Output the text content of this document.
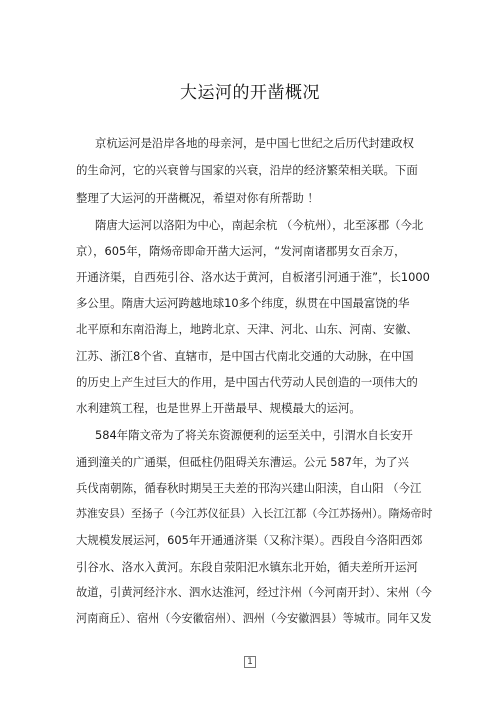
大运河的开凿概况
京杭运河是沿岸各地的母亲河，是中国七世纪之后历代封建政权
的生命河，它的兴衰曾与国家的兴衰，沿岸的经济繁荣相关联。下面
整理了大运河的开凿概况，希望对你有所帮助 ！
隋唐大运河以洛阳为中心，南起余杭 （今杭州），北至涿郡（今北
京），605年，隋炀帝即命开凿大运河，“发河南诸郡男女百余万，
开通济渠，自西苑引谷、洛水达于黄河，自板渚引河通于淮”，长1000
多公里。隋唐大运河跨越地球10多个纬度，纵贯在中国最富饶的华
北平原和东南沿海上，地跨北京、天津、河北、山东、河南、安徽、
江苏、浙江8个省、直辖市，是中国古代南北交通的大动脉，在中国
的历史上产生过巨大的作用，是中国古代劳动人民创造的一项伟大的
水利建筑工程，也是世界上开凿最早、规模最大的运河。
584年隋文帝为了将关东资源便利的运至关中，引渭水自长安开
通到潼关的广通渠，但砥柱仍阻碍关东漕运。公元 587年，为了兴
兵伐南朝陈，循春秋时期吴王夫差的邗沟兴建山阳渎，自山阳 （今江
苏淮安县）至扬子（今江苏仪征县）入长江江都（今江苏扬州）。隋炀帝时
大规模发展运河，605年开通通济渠（又称汴渠）。西段自今洛阳西郊
引谷水、洛水入黄河。东段自荥阳汜水镇东北开始，循夫差所开运河
故道，引黄河经汴水、泗水达淮河，经过汴州（今河南开封）、宋州（今
河南商丘）、宿州（今安徽宿州）、泗州（今安徽泗县）等城市。同年又发
1
